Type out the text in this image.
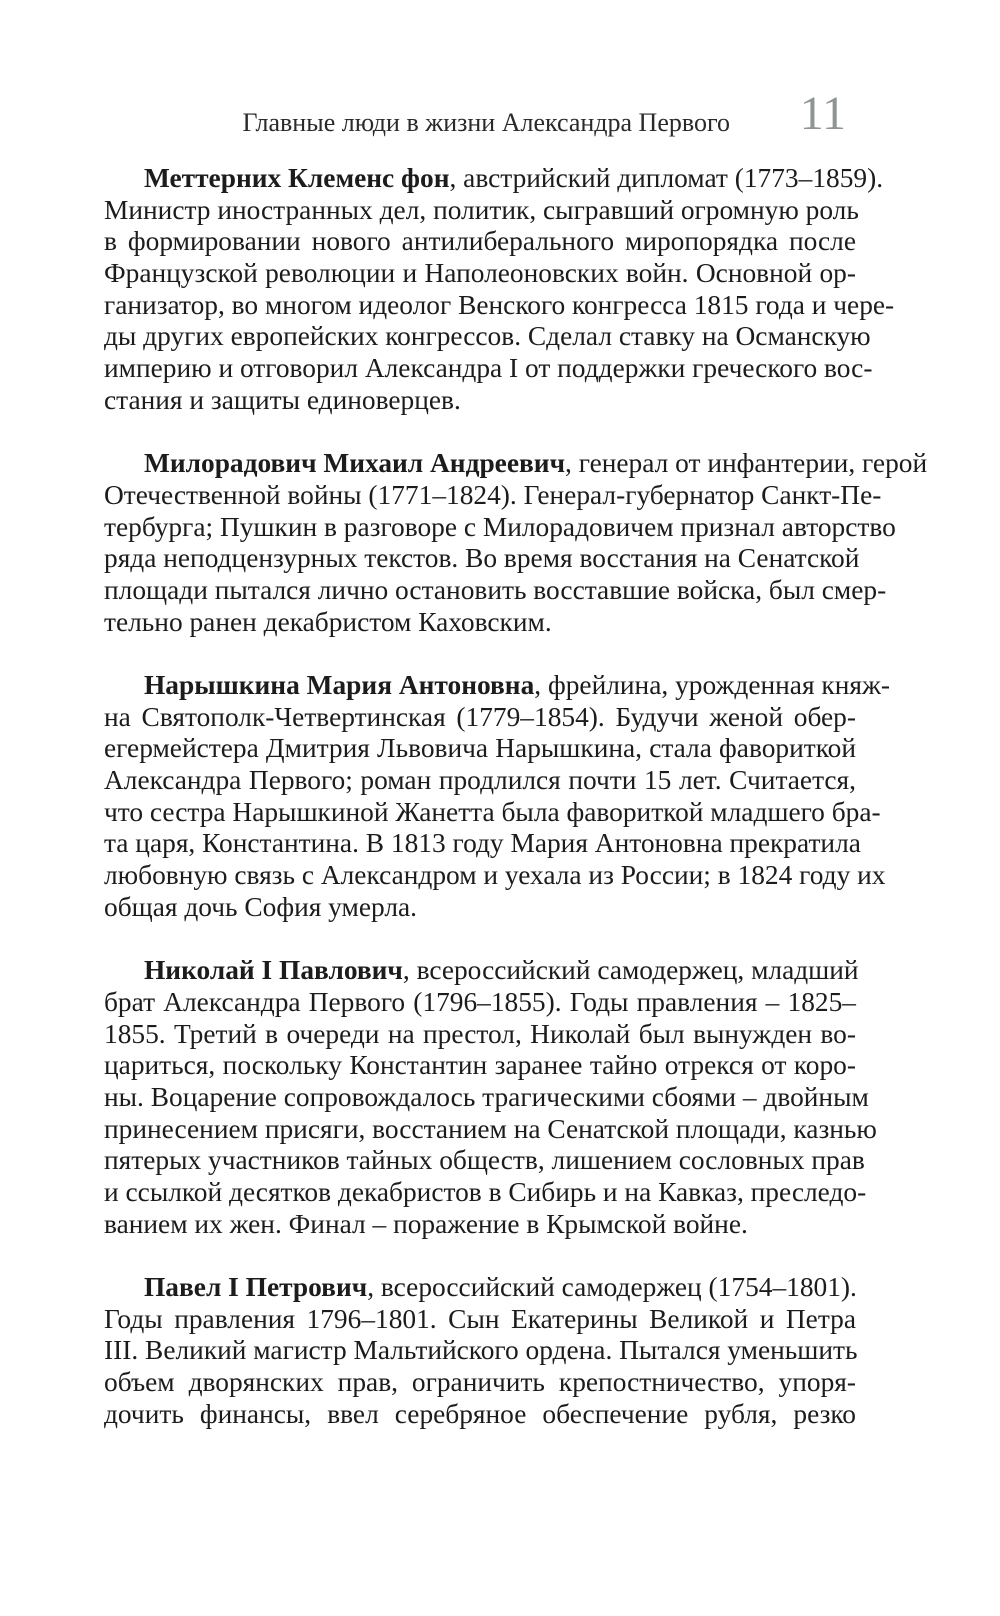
Главные люди в жизни Александра Первого 11
Меттерних Клеменс фон, австрийский дипломат (1773–1859).
Министр иностранных дел, политик, сыгравший огромную роль
в формировании нового антилиберального миропорядка после
Французской революции и Наполеоновских войн. Основной ор-
ганизатор, во многом идеолог Венского конгресса 1815 года и чере-
ды других европейских конгрессов. Сделал ставку на Османскую
империю и отговорил Александра I от поддержки греческого вос-
стания и защиты единоверцев.
Милорадович Михаил Андреевич, генерал от инфантерии, герой
Отечественной войны (1771–1824). Генерал-губернатор Санкт-Пе-
тербурга; Пушкин в разговоре с Милорадовичем признал авторство
ряда неподцензурных текстов. Во время восстания на Сенатской
площади пытался лично остановить восставшие войска, был смер-
тельно ранен декабристом Каховским.
Нарышкина Мария Антоновна, фрейлина, урожденная княж-
на Святополк-Четвертинская (1779–1854). Будучи женой обер-
егермейстера Дмитрия Львовича Нарышкина, стала фавориткой
Александра Первого; роман продлился почти 15 лет. Считается,
что сестра Нарышкиной Жанетта была фавориткой младшего бра-
та царя, Константина. В 1813 году Мария Антоновна прекратила
любовную связь с Александром и уехала из России; в 1824 году их
общая дочь София умерла.
Николай I Павлович, всероссийский самодержец, младший
брат Александра Первого (1796–1855). Годы правления – 1825–
1855. Третий в очереди на престол, Николай был вынужден во-
цариться, поскольку Константин заранее тайно отрекся от коро-
ны. Воцарение сопровождалось трагическими сбоями – двойным
принесением присяги, восстанием на Сенатской площади, казнью
пятерых участников тайных обществ, лишением сословных прав
и ссылкой десятков декабристов в Сибирь и на Кавказ, преследо-
ванием их жен. Финал – поражение в Крымской войне.
Павел I Петрович, всероссийский самодержец (1754–1801).
Годы правления 1796–1801. Сын Екатерины Великой и Петра
III. Великий магистр Мальтийского ордена. Пытался уменьшить
объем дворянских прав, ограничить крепостничество, упоря-
дочить финансы, ввел серебряное обеспечение рубля, резко
